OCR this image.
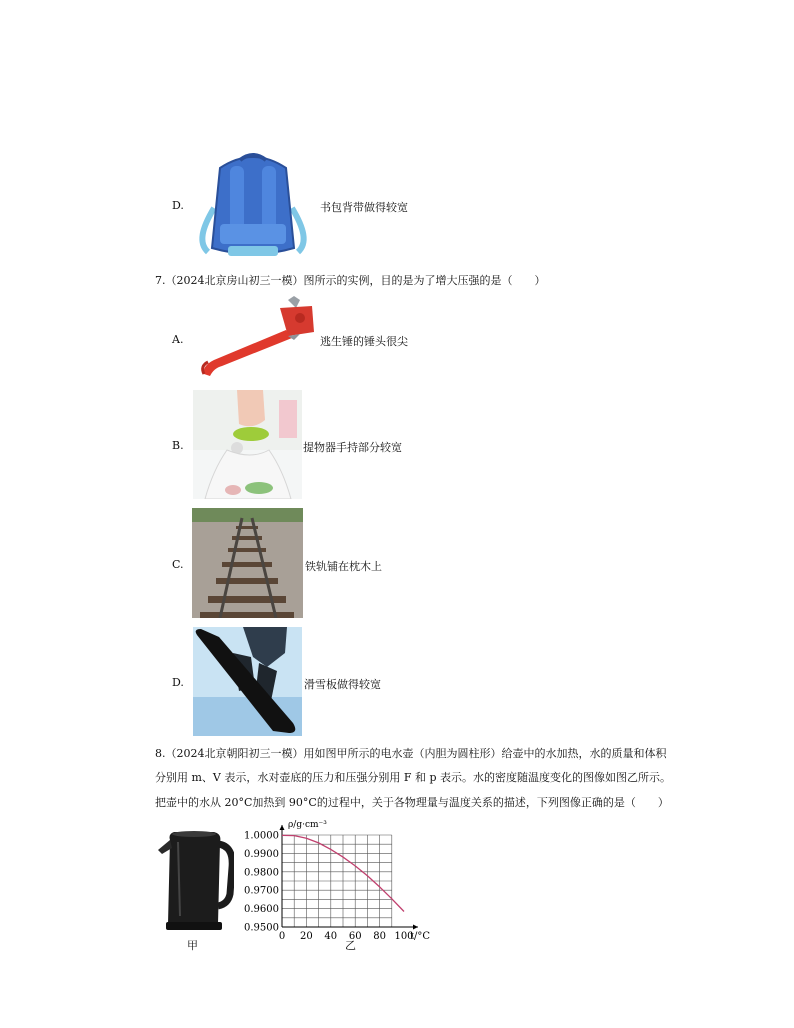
D.	书包背带做得较宽
7.（2024北京房山初三一模）图所示的实例，目的是为了增大压强的是（　　）
A.	逃生锤的锤头很尖
B.	提物器手持部分较宽
C.	铁轨铺在枕木上
D.	滑雪板做得较宽
8.（2024北京朝阳初三一模）用如图甲所示的电水壶（内胆为圆柱形）给壶中的水加热，水的质量和体积
分别用 m、V 表示，水对壶底的压力和压强分别用 F 和 p 表示。水的密度随温度变化的图像如图乙所示。
把壶中的水从 20°C加热到 90°C的过程中，关于各物理量与温度关系的描述，下列图像正确的是（　　）
甲
0 20 40 60 80 100
0.9500
0.9600
0.9700
0.9800
0.9900
1.0000
ρ/g·cm⁻³
t/°C
乙
